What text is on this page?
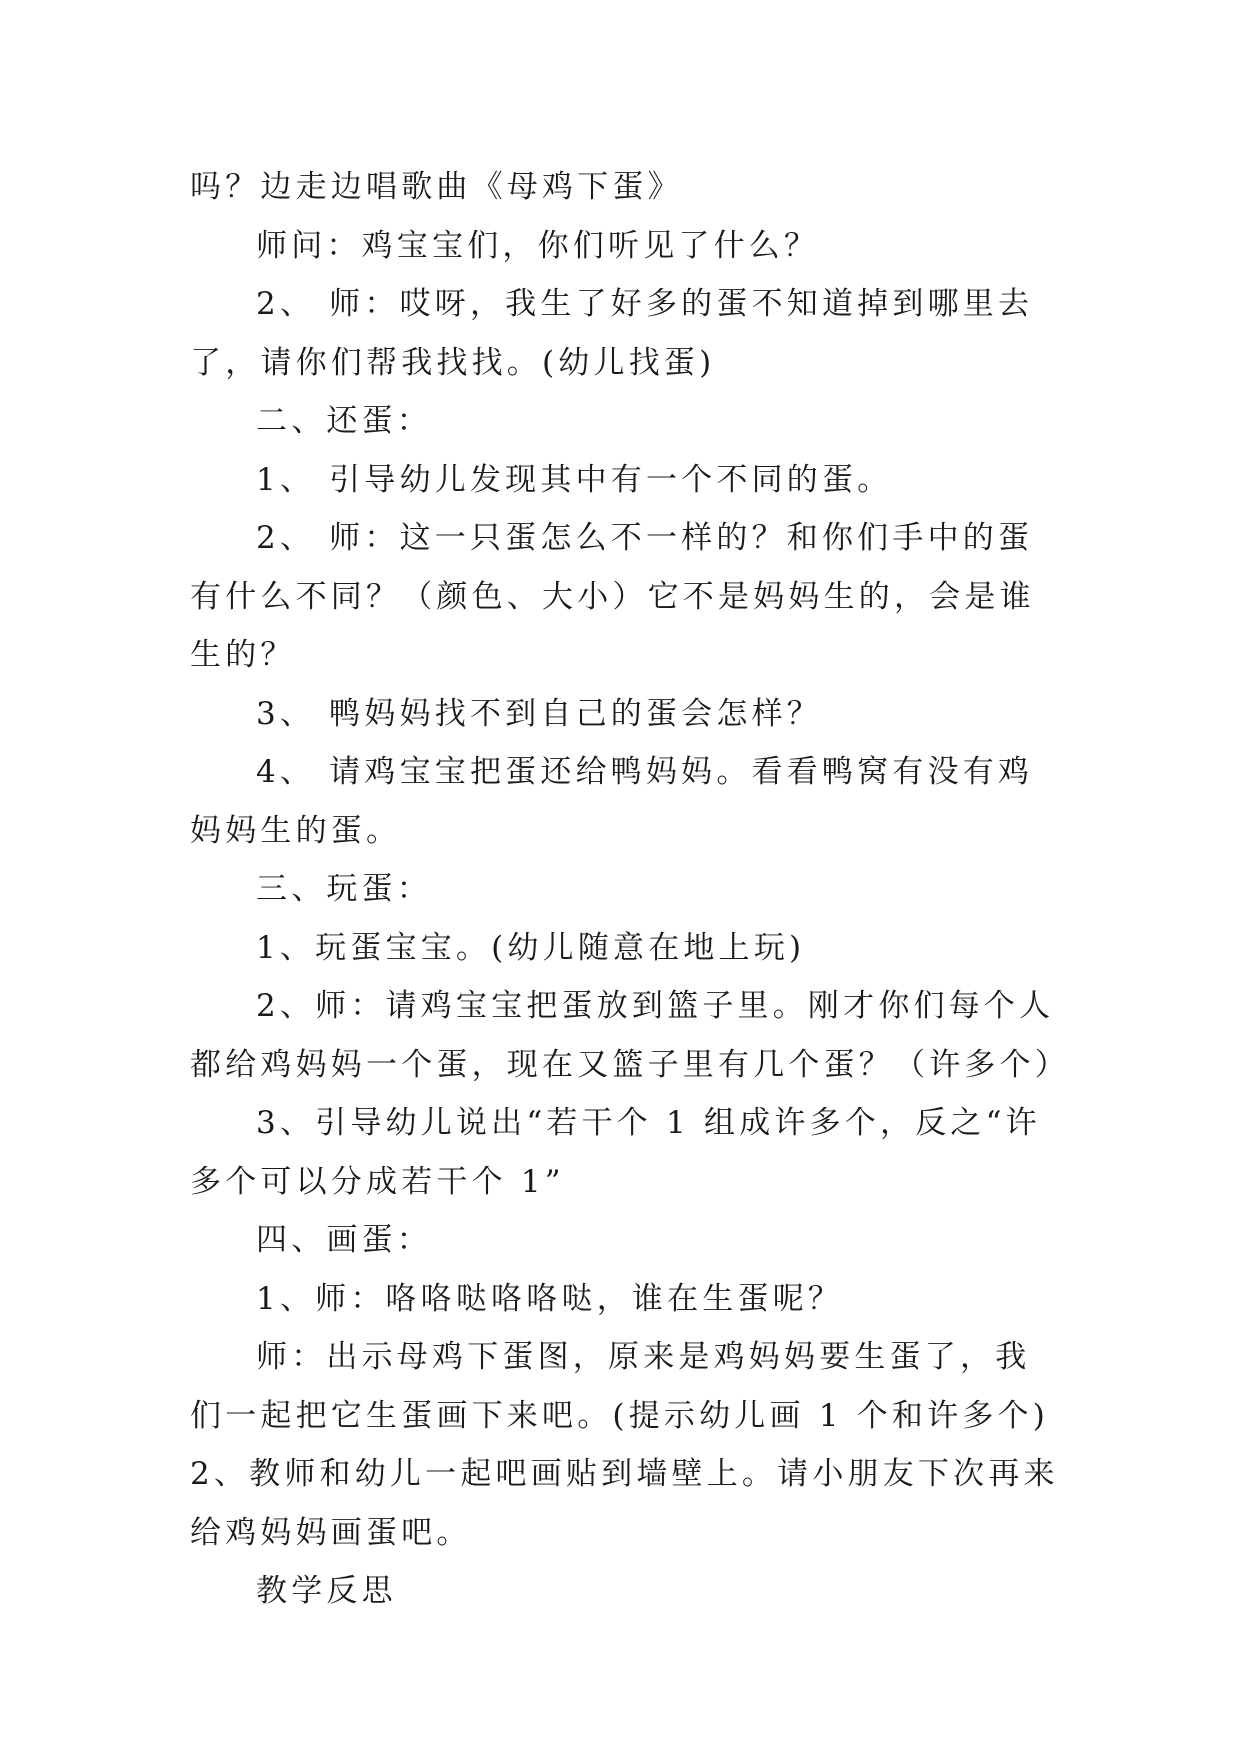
吗？边走边唱歌曲《母鸡下蛋》

师问：鸡宝宝们，你们听见了什么？

2、 师：哎呀，我生了好多的蛋不知道掉到哪里去了，请你们帮我找找。(幼儿找蛋)

二、还蛋：

1、 引导幼儿发现其中有一个不同的蛋。

2、 师：这一只蛋怎么不一样的？和你们手中的蛋有什么不同？（颜色、大小）它不是妈妈生的，会是谁生的？

3、 鸭妈妈找不到自己的蛋会怎样？

4、 请鸡宝宝把蛋还给鸭妈妈。看看鸭窝有没有鸡妈妈生的蛋。

三、玩蛋：

1、玩蛋宝宝。(幼儿随意在地上玩)

2、师：请鸡宝宝把蛋放到篮子里。刚才你们每个人都给鸡妈妈一个蛋，现在又篮子里有几个蛋？（许多个）

3、引导幼儿说出“若干个 1 组成许多个，反之“许多个可以分成若干个 1”

四、画蛋：

1、师：咯咯哒咯咯哒，谁在生蛋呢？

师：出示母鸡下蛋图，原来是鸡妈妈要生蛋了，我们一起把它生蛋画下来吧。(提示幼儿画 1 个和许多个) 2、教师和幼儿一起吧画贴到墙壁上。请小朋友下次再来给鸡妈妈画蛋吧。

教学反思
